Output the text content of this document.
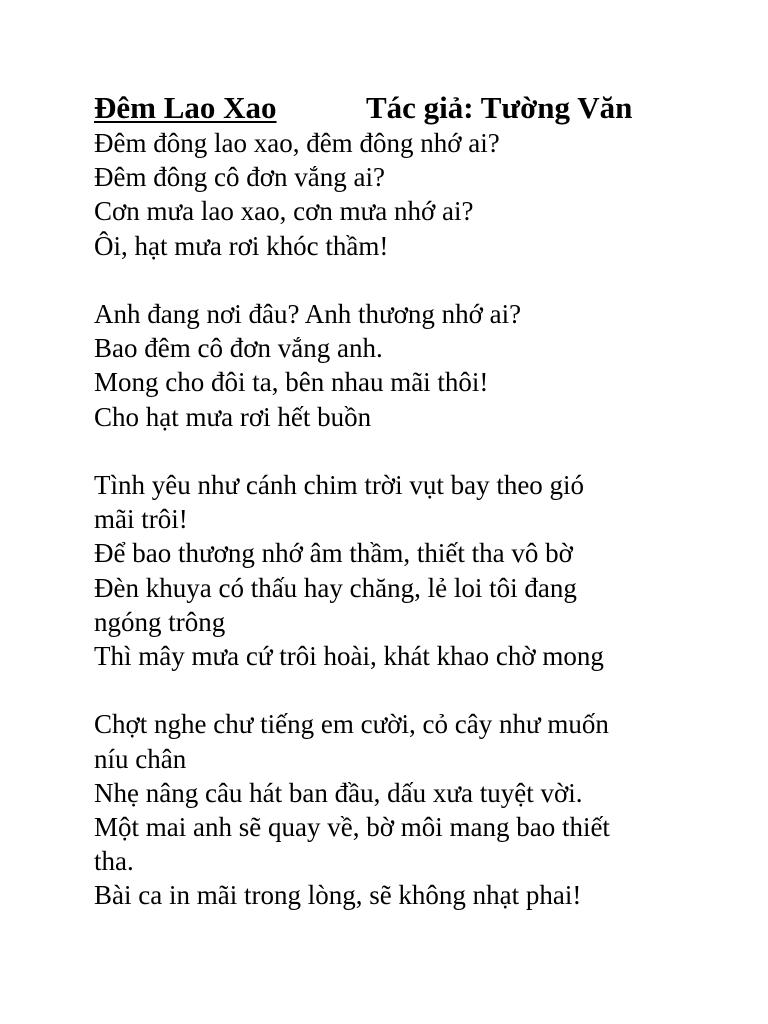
Đêm Lao Xao	Tác giả: Tường Văn
Đêm đông lao xao, đêm đông nhớ ai?
Đêm đông cô đơn vắng ai?
Cơn mưa lao xao, cơn mưa nhớ ai?
Ôi, hạt mưa rơi khóc thầm!
Anh đang nơi đâu? Anh thương nhớ ai?
Bao đêm cô đơn vắng anh.
Mong cho đôi ta, bên nhau mãi thôi!
Cho hạt mưa rơi hết buồn
Tình yêu như cánh chim trời vụt bay theo gió
mãi trôi!
Để bao thương nhớ âm thầm, thiết tha vô bờ
Đèn khuya có thấu hay chăng, lẻ loi tôi đang
ngóng trông
Thì mây mưa cứ trôi hoài, khát khao chờ mong
Chợt nghe chư tiếng em cười, cỏ cây như muốn
níu chân
Nhẹ nâng câu hát ban đầu, dấu xưa tuyệt vời.
Một mai anh sẽ quay về, bờ môi mang bao thiết
tha.
Bài ca in mãi trong lòng, sẽ không nhạt phai!
